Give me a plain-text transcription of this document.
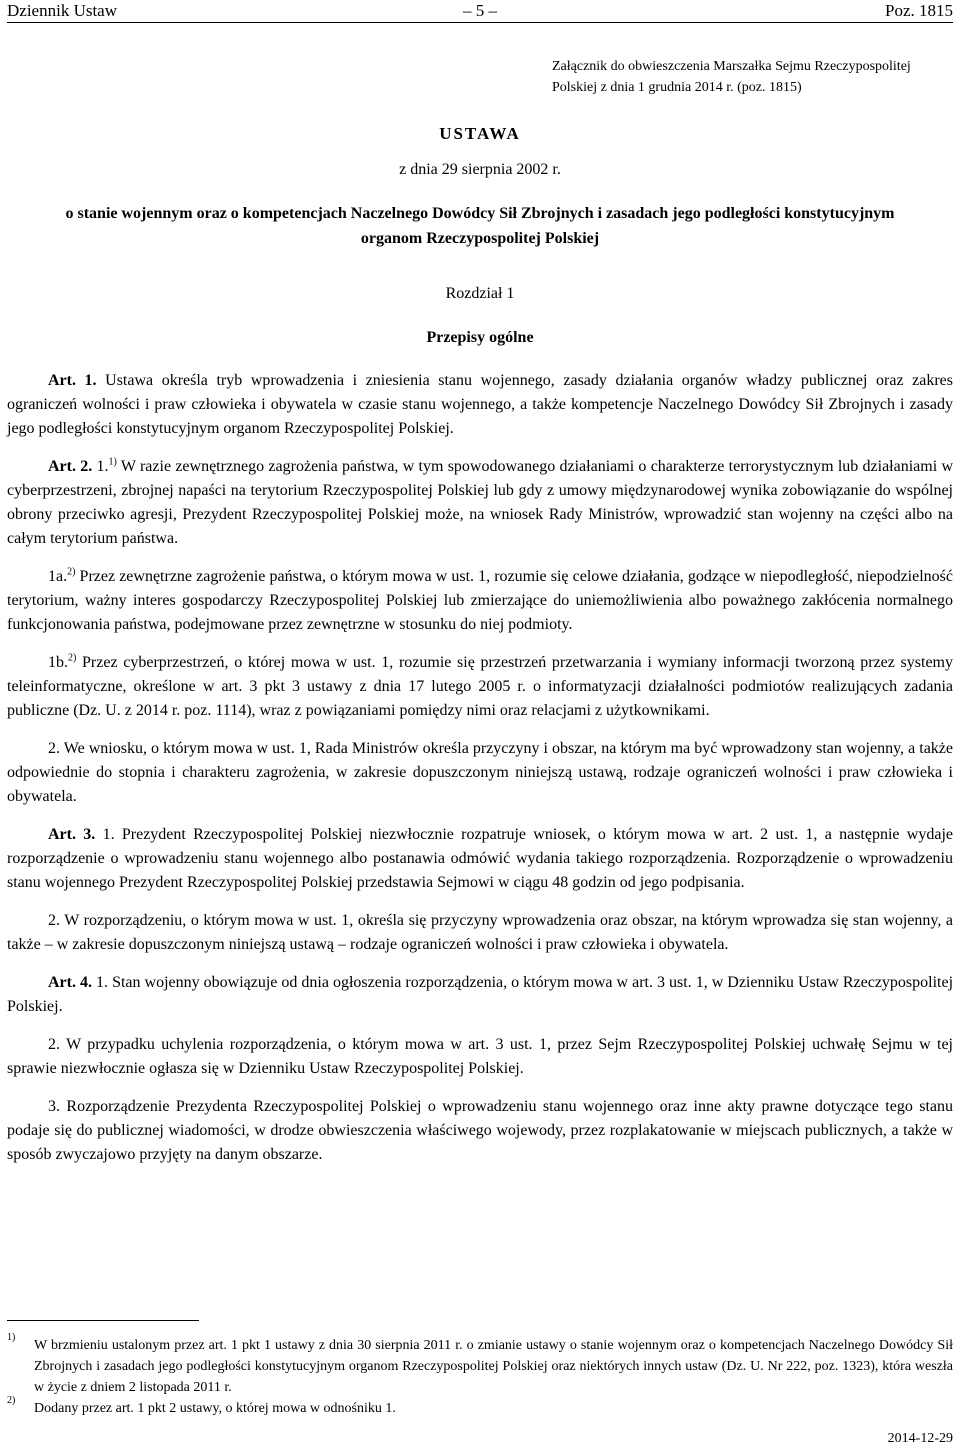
Dziennik Ustaw	– 5 –	Poz. 1815
Załącznik do obwieszczenia Marszałka Sejmu Rzeczypospolitej Polskiej z dnia 1 grudnia 2014 r. (poz. 1815)
USTAWA
z dnia 29 sierpnia 2002 r.
o stanie wojennym oraz o kompetencjach Naczelnego Dowódcy Sił Zbrojnych i zasadach jego podległości konstytucyjnym organom Rzeczypospolitej Polskiej
Rozdział 1
Przepisy ogólne

Art. 1. Ustawa określa tryb wprowadzenia i zniesienia stanu wojennego, zasady działania organów władzy publicznej oraz zakres ograniczeń wolności i praw człowieka i obywatela w czasie stanu wojennego, a także kompetencje Naczelnego Dowódcy Sił Zbrojnych i zasady jego podległości konstytucyjnym organom Rzeczypospolitej Polskiej.

Art. 2. 1.$^{1)}$ W razie zewnętrznego zagrożenia państwa, w tym spowodowanego działaniami o charakterze terrorystycznym lub działaniami w cyberprzestrzeni, zbrojnej napaści na terytorium Rzeczypospolitej Polskiej lub gdy z umowy międzynarodowej wynika zobowiązanie do wspólnej obrony przeciwko agresji, Prezydent Rzeczypospolitej Polskiej może, na wniosek Rady Ministrów, wprowadzić stan wojenny na części albo na całym terytorium państwa.

1a.$^{2)}$ Przez zewnętrzne zagrożenie państwa, o którym mowa w ust. 1, rozumie się celowe działania, godzące w niepodległość, niepodzielność terytorium, ważny interes gospodarczy Rzeczypospolitej Polskiej lub zmierzające do uniemożliwienia albo poważnego zakłócenia normalnego funkcjonowania państwa, podejmowane przez zewnętrzne w stosunku do niej podmioty.

1b.$^{2)}$ Przez cyberprzestrzeń, o której mowa w ust. 1, rozumie się przestrzeń przetwarzania i wymiany informacji tworzoną przez systemy teleinformatyczne, określone w art. 3 pkt 3 ustawy z dnia 17 lutego 2005 r. o informatyzacji działalności podmiotów realizujących zadania publiczne (Dz. U. z 2014 r. poz. 1114), wraz z powiązaniami pomiędzy nimi oraz relacjami z użytkownikami.

2. We wniosku, o którym mowa w ust. 1, Rada Ministrów określa przyczyny i obszar, na którym ma być wprowadzony stan wojenny, a także odpowiednie do stopnia i charakteru zagrożenia, w zakresie dopuszczonym niniejszą ustawą, rodzaje ograniczeń wolności i praw człowieka i obywatela.

Art. 3. 1. Prezydent Rzeczypospolitej Polskiej niezwłocznie rozpatruje wniosek, o którym mowa w art. 2 ust. 1, a następnie wydaje rozporządzenie o wprowadzeniu stanu wojennego albo postanawia odmówić wydania takiego rozporządzenia. Rozporządzenie o wprowadzeniu stanu wojennego Prezydent Rzeczypospolitej Polskiej przedstawia Sejmowi w ciągu 48 godzin od jego podpisania.

2. W rozporządzeniu, o którym mowa w ust. 1, określa się przyczyny wprowadzenia oraz obszar, na którym wprowadza się stan wojenny, a także – w zakresie dopuszczonym niniejszą ustawą – rodzaje ograniczeń wolności i praw człowieka i obywatela.

Art. 4. 1. Stan wojenny obowiązuje od dnia ogłoszenia rozporządzenia, o którym mowa w art. 3 ust. 1, w Dzienniku Ustaw Rzeczypospolitej Polskiej.

2. W przypadku uchylenia rozporządzenia, o którym mowa w art. 3 ust. 1, przez Sejm Rzeczypospolitej Polskiej uchwałę Sejmu w tej sprawie niezwłocznie ogłasza się w Dzienniku Ustaw Rzeczypospolitej Polskiej.

3. Rozporządzenie Prezydenta Rzeczypospolitej Polskiej o wprowadzeniu stanu wojennego oraz inne akty prawne dotyczące tego stanu podaje się do publicznej wiadomości, w drodze obwieszczenia właściwego wojewody, przez rozplakatowanie w miejscach publicznych, a także w sposób zwyczajowo przyjęty na danym obszarze.

1)
W brzmieniu ustalonym przez art. 1 pkt 1 ustawy z dnia 30 sierpnia 2011 r. o zmianie ustawy o stanie wojennym oraz o kompetencjach Naczelnego Dowódcy Sił Zbrojnych i zasadach jego podległości konstytucyjnym organom Rzeczypospolitej Polskiej oraz niektórych innych ustaw (Dz. U. Nr 222, poz. 1323), która weszła w życie z dniem 2 listopada 2011 r.

2)
Dodany przez art. 1 pkt 2 ustawy, o której mowa w odnośniku 1.

2014-12-29
